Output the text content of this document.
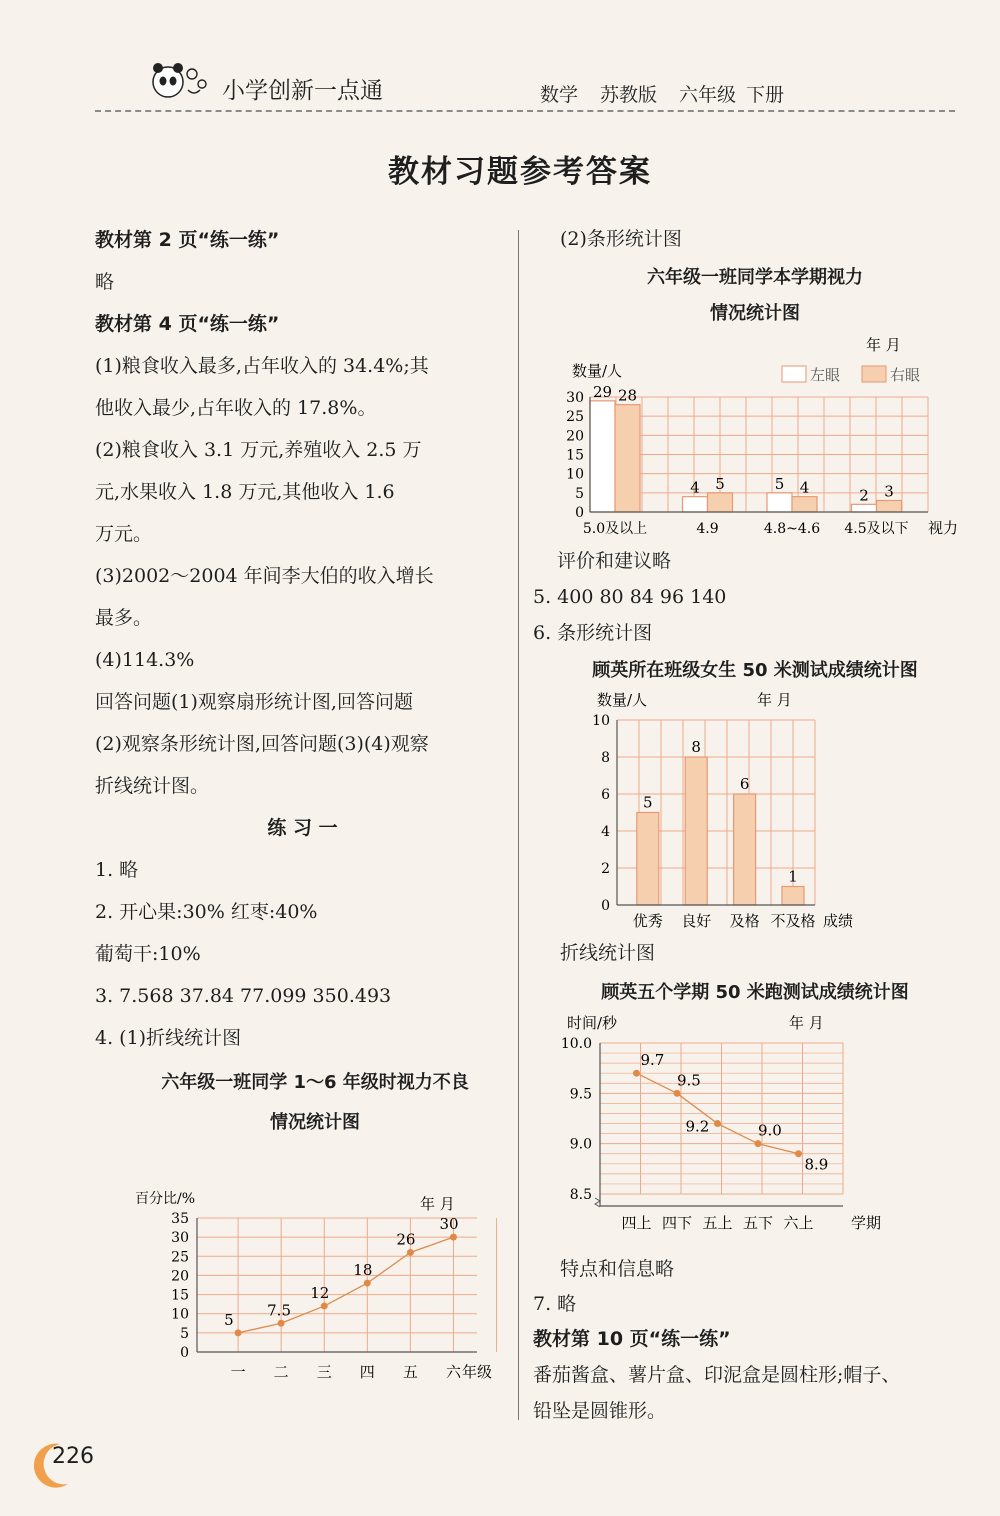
小学创新一点通	数学 苏教版 六年级 下册
教材习题参考答案
教材第 2 页“练一练”
略
教材第 4 页“练一练”
(1)粮食收入最多,占年收入的 34.4%;其
他收入最少,占年收入的 17.8%。
(2)粮食收入 3.1 万元,养殖收入 2.5 万
元,水果收入 1.8 万元,其他收入 1.6
万元。
(3)2002～2004 年间李大伯的收入增长
最多。
(4)114.3%
回答问题(1)观察扇形统计图,回答问题
(2)观察条形统计图,回答问题(3)(4)观察
折线统计图。
练 习 一
1. 略
2. 开心果:30% 红枣:40%
葡萄干:10%
3. 7.568 37.84 77.099 350.493
4. (1)折线统计图
六年级一班同学 1～6 年级时视力不良
情况统计图
百分比/%	年 月
0
5
10
15
20
25
30
35
5
一
7.5
二
12
三
18
四
26
五
30
六 年级
(2)条形统计图
六年级一班同学本学期视力
情况统计图
数量/人
年 月
左眼	右眼
0
5
10
15
20
25
30 29 28
5.0及以上
4 5
4.9
5 4
4.8~4.6
2 3
4.5及以下 视力
评价和建议略
5. 400 80 84 96 140
6. 条形统计图
顾英所在班级女生 50 米测试成绩统计图
数量/人	年 月
0
2
4
6
8
10
5
优秀
8
良好
6
及格
1
不及格 成绩
折线统计图
顾英五个学期 50 米跑测试成绩统计图
时间/秒	年 月
8.5
9.0
9.5
10.0
9.7
四上
9.5
四下
9.2
五上
9.0
五下
8.9
六上 学期
特点和信息略
7. 略
教材第 10 页“练一练”
番茄酱盒、薯片盒、印泥盒是圆柱形;帽子、
铅坠是圆锥形。
226
